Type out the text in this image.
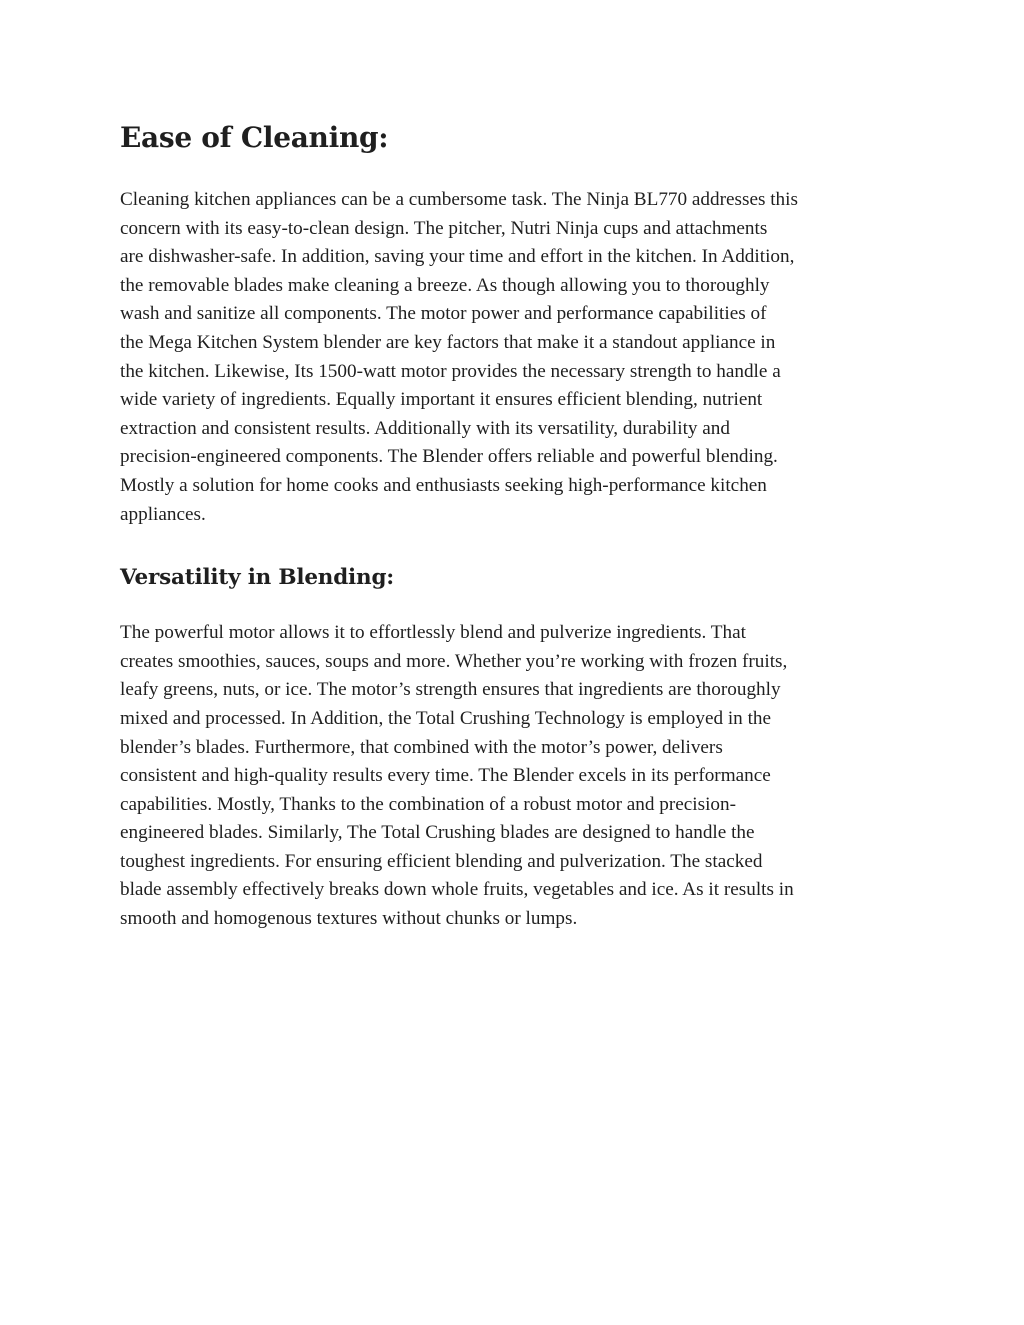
Ease of Cleaning:

Cleaning kitchen appliances can be a cumbersome task. The Ninja BL770 addresses this
concern with its easy-to-clean design. The pitcher, Nutri Ninja cups and attachments
are dishwasher-safe. In addition, saving your time and effort in the kitchen. In Addition,
the removable blades make cleaning a breeze. As though allowing you to thoroughly
wash and sanitize all components. The motor power and performance capabilities of
the Mega Kitchen System blender are key factors that make it a standout appliance in
the kitchen. Likewise, Its 1500-watt motor provides the necessary strength to handle a
wide variety of ingredients. Equally important it ensures efficient blending, nutrient
extraction and consistent results. Additionally with its versatility, durability and
precision-engineered components. The Blender offers reliable and powerful blending.
Mostly a solution for home cooks and enthusiasts seeking high-performance kitchen
appliances.

Versatility in Blending:

The powerful motor allows it to effortlessly blend and pulverize ingredients. That
creates smoothies, sauces, soups and more. Whether you’re working with frozen fruits,
leafy greens, nuts, or ice. The motor’s strength ensures that ingredients are thoroughly
mixed and processed. In Addition, the Total Crushing Technology is employed in the
blender’s blades. Furthermore, that combined with the motor’s power, delivers
consistent and high-quality results every time. The Blender excels in its performance
capabilities. Mostly, Thanks to the combination of a robust motor and precision-
engineered blades. Similarly, The Total Crushing blades are designed to handle the
toughest ingredients. For ensuring efficient blending and pulverization. The stacked
blade assembly effectively breaks down whole fruits, vegetables and ice. As it results in
smooth and homogenous textures without chunks or lumps.
